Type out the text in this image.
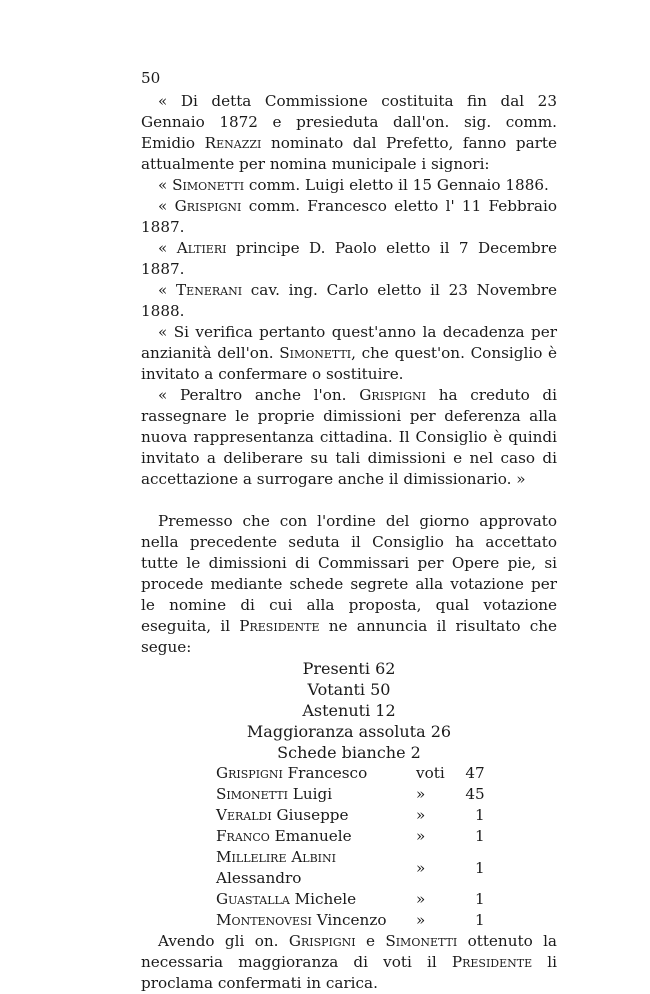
50

« Di detta Commissione costituita fin dal 23 Gennaio 1872 e presieduta dall'on. sig. comm. Emidio Renazzi nominato dal Prefetto, fanno parte attualmente per nomina municipale i signori:

« Simonetti comm. Luigi eletto il 15 Gennaio 1886.

« Grispigni comm. Francesco eletto l' 11 Febbraio 1887.

« Altieri principe D. Paolo eletto il 7 Decembre 1887.

« Tenerani cav. ing. Carlo eletto il 23 Novembre 1888.

« Si verifica pertanto quest'anno la decadenza per anzianità dell'on. Simonetti, che quest'on. Consiglio è invitato a confermare o sostituire.

« Peraltro anche l'on. Grispigni ha creduto di rassegnare le proprie dimissioni per deferenza alla nuova rappresentanza cittadina. Il Consiglio è quindi invitato a deliberare su tali dimissioni e nel caso di accettazione a surrogare anche il dimissionario. »

Premesso che con l'ordine del giorno approvato nella precedente seduta il Consiglio ha accettato tutte le dimissioni di Commissari per Opere pie, si procede mediante schede segrete alla votazione per le nomine di cui alla proposta, qual votazione eseguita, il Presidente ne annuncia il risultato che segue:

Presenti 62
Votanti 50
Astenuti 12
Maggioranza assoluta 26
Schede bianche 2
Grispigni Francesco	voti	47
Simonetti Luigi	»	45
Veraldi Giuseppe	»	1
Franco Emanuele	»	1
Millelire Albini Alessandro	»	1
Guastalla Michele	»	1
Montenovesi Vincenzo	»	1

Avendo gli on. Grispigni e Simonetti ottenuto la necessaria maggioranza di voti il Presidente li proclama confermati in carica.
